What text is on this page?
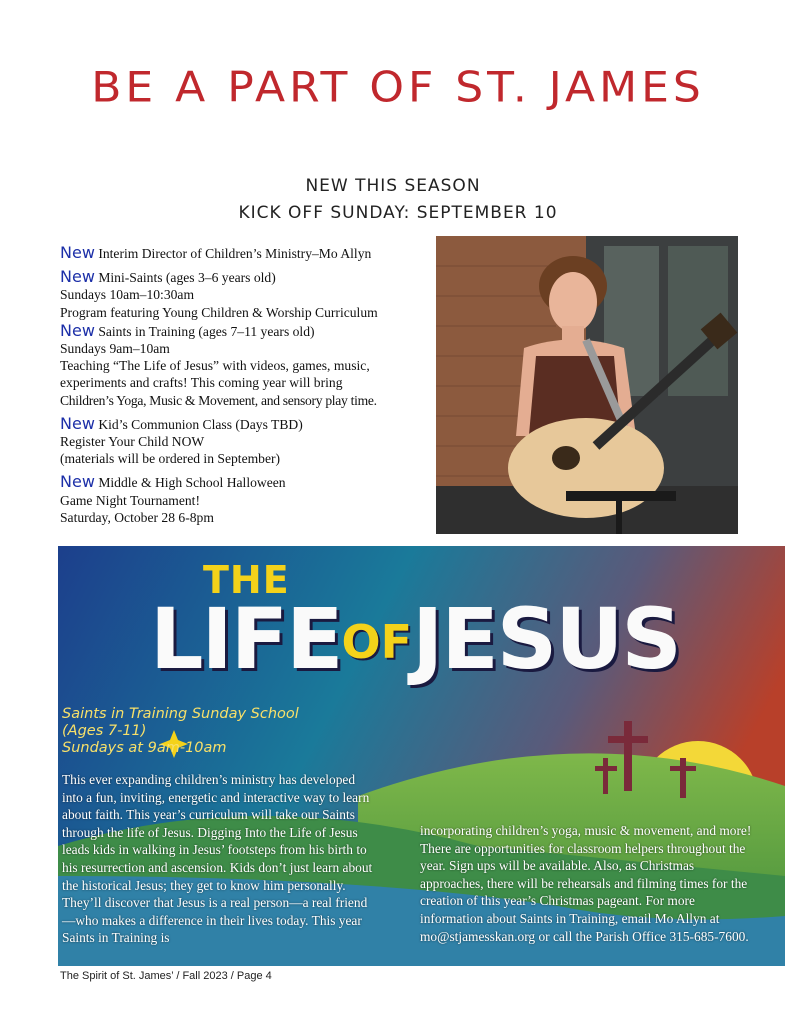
BE A PART OF ST. JAMES
NEW THIS SEASON
KICK OFF SUNDAY: SEPTEMBER 10

New Interim Director of Children’s Ministry–Mo Allyn

New Mini-Saints (ages 3–6 years old)
Sundays 10am–10:30am
Program featuring Young Children & Worship Curriculum

New Saints in Training (ages 7–11 years old)
Sundays 9am–10am
Teaching “The Life of Jesus” with videos, games, music,
experiments and crafts! This coming year will bring
Children’s Yoga, Music & Movement, and sensory play time.

New Kid’s Communion Class (Days TBD)
Register Your Child NOW
(materials will be ordered in September)

New Middle & High School Halloween
Game Night Tournament!
Saturday, October 28 6-8pm

THE
LIFEOFJESUS
Saints in Training Sunday School
(Ages 7-11)
Sundays at 9am-10am
This ever expanding children’s ministry has developed into a fun, inviting, energetic and interactive way to learn about faith. This year’s curriculum will take our Saints through the life of Jesus. Digging Into the Life of Jesus leads kids in walking in Jesus’ footsteps from his birth to his resurrection and ascension. Kids don’t just learn about the historical Jesus; they get to know him personally. They’ll discover that Jesus is a real person—a real friend—who makes a difference in their lives today. This year Saints in Training is
incorporating children’s yoga, music & movement, and more! There are opportunities for classroom helpers throughout the year. Sign ups will be available. Also, as Christmas approaches, there will be rehearsals and filming times for the creation of this year’s Christmas pageant. For more information about Saints in Training, email Mo Allyn at mo@stjamesskan.org or call the Parish Office 315-685-7600.
The Spirit of St. James’ / Fall 2023 / Page 4
